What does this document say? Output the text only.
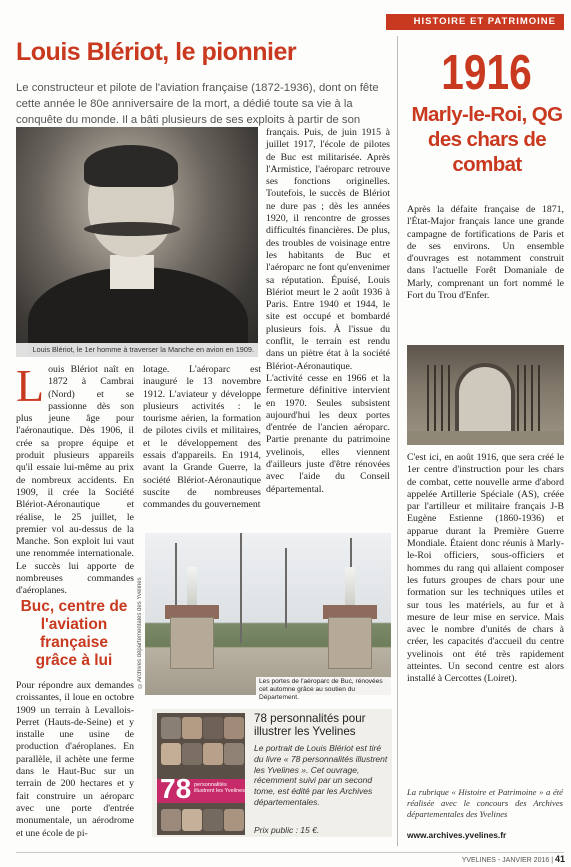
HISTOIRE ET PATRIMOINE
Louis Blériot, le pionnier

Le constructeur et pilote de l'aviation française (1872-1936), dont on fête cette année le 80e anniversaire de la mort, a dédié toute sa vie à la conquête du monde. Il a bâti plusieurs de ses exploits à partir de son

Louis Blériot, le 1er homme à traverser la Manche en avion en 1909.
Louis Blériot naît en 1872 à Cambrai (Nord) et se passionne dès son plus jeune âge pour l'aéronautique. Dès 1906, il crée sa propre équipe et produit plusieurs appareils qu'il essaie lui-même au prix de nombreux accidents. En 1909, il crée la Société Blériot-Aéronautique et réalise, le 25 juillet, le premier vol au-dessus de la Manche. Son exploit lui vaut une renommée internationale. Le succès lui apporte de nombreuses commandes d'aéroplanes.
lotage. L'aéroparc est inauguré le 13 novembre 1912. L'aviateur y développe plusieurs activités : le tourisme aérien, la formation de pilotes civils et militaires, et le développement des essais d'appareils. En 1914, avant la Grande Guerre, la société Blériot-Aéronautique suscite de nombreuses commandes du gouvernement
français. Puis, de juin 1915 à juillet 1917, l'école de pilotes de Buc est militarisée. Après l'Armistice, l'aéroparc retrouve ses fonctions originelles. Toutefois, le succès de Blériot ne dure pas ; dès les années 1920, il rencontre de grosses difficultés financières. De plus, des troubles de voisinage entre les habitants de Buc et l'aéroparc ne font qu'envenimer sa réputation. Épuisé, Louis Blériot meurt le 2 août 1936 à Paris. Entre 1940 et 1944, le site est occupé et bombardé plusieurs fois. À l'issue du conflit, le terrain est rendu dans un piètre état à la société Blériot-Aéronautique. L'activité cesse en 1966 et la fermeture définitive intervient en 1970. Seules subsistent aujourd'hui les deux portes d'entrée de l'ancien aéroparc. Partie prenante du patrimoine yvelinois, elles viennent d'ailleurs juste d'être rénovées avec l'aide du Conseil départemental.
Buc, centre de l'aviation française grâce à lui
Pour répondre aux demandes croissantes, il loue en octobre 1909 un terrain à Levallois-Perret (Hauts-de-Seine) et y installe une usine de production d'aéroplanes. En parallèle, il achète une ferme dans le Haut-Buc sur un terrain de 200 hectares et y fait construire un aéroparc avec une porte d'entrée monumentale, un aérodrome et une école de pi-
©Archives départementales des Yvelines	Les portes de l'aéroparc de Buc, rénovées cet automne grâce au soutien du Département.
78 personnalités illustrent les Yvelines
78 personnalités pour illustrer les Yvelines

Le portrait de Louis Blériot est tiré du livre « 78 personnalités illustrent les Yvelines ». Cet ouvrage, récemment suivi par un second tome, est édité par les Archives départementales.

Prix public : 15 €.

1916
Marly-le-Roi, QG des chars de combat
Après la défaite française de 1871, l'État-Major français lance une grande campagne de fortifications de Paris et de ses environs. Un ensemble d'ouvrages est notamment construit dans l'actuelle Forêt Domaniale de Marly, comprenant un fort nommé le Fort du Trou d'Enfer.
C'est ici, en août 1916, que sera créé le 1er centre d'instruction pour les chars de combat, cette nouvelle arme d'abord appelée Artillerie Spéciale (AS), créée par l'artilleur et militaire français J-B Eugène Estienne (1860-1936) et apparue durant la Première Guerre Mondiale. Étaient donc réunis à Marly-le-Roi officiers, sous-officiers et hommes du rang qui allaient composer les futurs groupes de chars pour une formation sur les techniques utiles et sur tous les matériels, au fur et à mesure de leur mise en service. Mais avec le nombre d'unités de chars à créer, les capacités d'accueil du centre yvelinois ont été très rapidement atteintes. Un second centre est alors installé à Cercottes (Loiret).

La rubrique « Histoire et Patrimoine » a été réalisée avec le concours des Archives départementales des Yvelines

www.archives.yvelines.fr
YVELINES - JANVIER 2016 | 41
